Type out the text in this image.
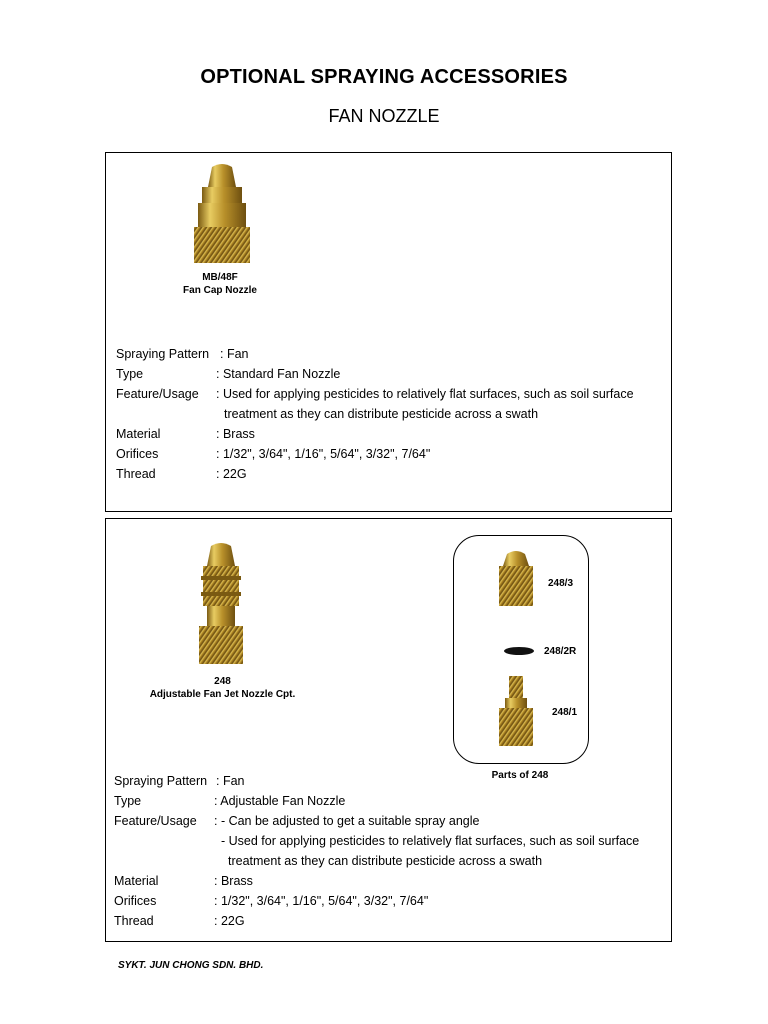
OPTIONAL SPRAYING ACCESSORIES
FAN NOZZLE
MB/48F
Fan Cap Nozzle
Spraying Pattern : Fan
Type	: Standard Fan Nozzle
Feature/Usage : Used for applying pesticides to relatively flat surfaces, such as soil surface
treatment as they can distribute pesticide across a swath
Material	: Brass
Orifices	: 1/32", 3/64", 1/16", 5/64", 3/32", 7/64"
Thread	: 22G
248
Adjustable Fan Jet Nozzle Cpt.
248/3
248/2R
248/1
Parts of 248
Spraying Pattern : Fan
Type	: Adjustable Fan Nozzle
Feature/Usage : - Can be adjusted to get a suitable spray angle
- Used for applying pesticides to relatively flat surfaces, such as soil surface
treatment as they can distribute pesticide across a swath
Material	: Brass
Orifices	: 1/32", 3/64", 1/16", 5/64", 3/32", 7/64"
Thread	: 22G
SYKT. JUN CHONG SDN. BHD.
